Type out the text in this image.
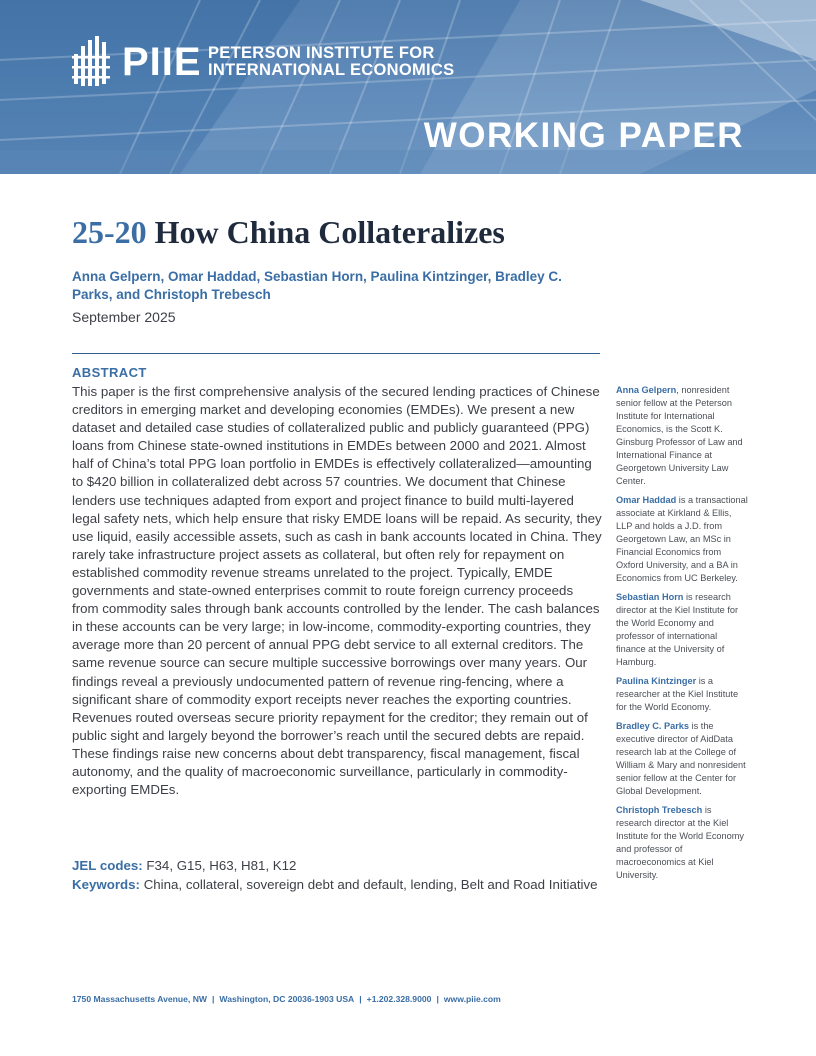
PIIE PETERSON INSTITUTE FOR
INTERNATIONAL ECONOMICS
WORKING PAPER
25-20 How China Collateralizes
Anna Gelpern, Omar Haddad, Sebastian Horn, Paulina Kintzinger, Bradley C. Parks, and Christoph Trebesch
September 2025
ABSTRACT
This paper is the first comprehensive analysis of the secured lending practices of Chinese creditors in emerging market and developing economies (EMDEs). We present a new dataset and detailed case studies of collateralized public and publicly guaranteed (PPG) loans from Chinese state-owned institutions in EMDEs between 2000 and 2021. Almost half of China’s total PPG loan portfolio in EMDEs is effectively collateralized—amounting to $420 billion in collateralized debt across 57 countries. We document that Chinese lenders use techniques adapted from export and project finance to build multi-layered legal safety nets, which help ensure that risky EMDE loans will be repaid. As security, they use liquid, easily accessible assets, such as cash in bank accounts located in China. They rarely take infrastructure project assets as collateral, but often rely for repayment on established commodity revenue streams unrelated to the project. Typically, EMDE governments and state-owned enterprises commit to route foreign currency proceeds from commodity sales through bank accounts controlled by the lender. The cash balances in these accounts can be very large; in low-income, commodity-exporting countries, they average more than 20 percent of annual PPG debt service to all external creditors. The same revenue source can secure multiple successive borrowings over many years. Our findings reveal a previously undocumented pattern of revenue ring-fencing, where a significant share of commodity export receipts never reaches the exporting countries. Revenues routed overseas secure priority repayment for the creditor; they remain out of public sight and largely beyond the borrower’s reach until the secured debts are repaid. These findings raise new concerns about debt transparency, fiscal management, fiscal autonomy, and the quality of macroeconomic surveillance, particularly in commodity-exporting EMDEs.
JEL codes: F34, G15, H63, H81, K12
Keywords: China, collateral, sovereign debt and default, lending, Belt and Road Initiative
Anna Gelpern, nonresident senior fellow at the Peterson Institute for International Economics, is the Scott K. Ginsburg Professor of Law and International Finance at Georgetown University Law Center.
Omar Haddad is a transactional associate at Kirkland & Ellis, LLP and holds a J.D. from Georgetown Law, an MSc in Financial Economics from Oxford University, and a BA in Economics from UC Berkeley.
Sebastian Horn is research director at the Kiel Institute for the World Economy and professor of international finance at the University of Hamburg.
Paulina Kintzinger is a researcher at the Kiel Institute for the World Economy.
Bradley C. Parks is the executive director of AidData research lab at the College of William & Mary and nonresident senior fellow at the Center for Global Development.
Christoph Trebesch is research director at the Kiel Institute for the World Economy and professor of macroeconomics at Kiel University.
1750 Massachusetts Avenue, NW | Washington, DC 20036-1903 USA | +1.202.328.9000 | www.piie.com
